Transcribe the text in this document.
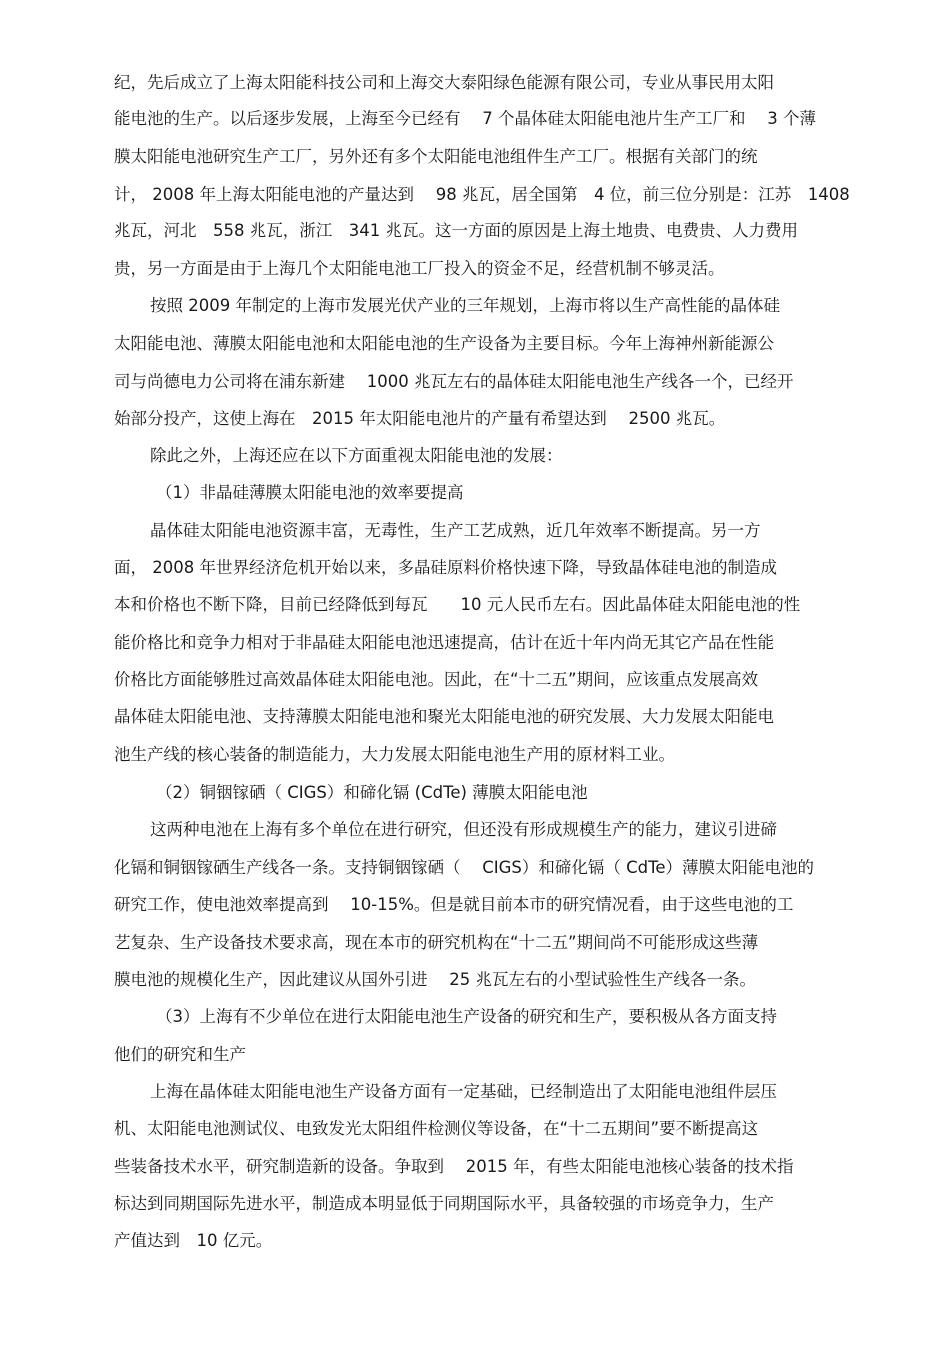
纪，先后成立了上海太阳能科技公司和上海交大泰阳绿色能源有限公司，专业从事民用太阳
能电池的生产。以后逐步发展，上海至今已经有　 7 个晶体硅太阳能电池片生产工厂和　 3 个薄
膜太阳能电池研究生产工厂，另外还有多个太阳能电池组件生产工厂。根据有关部门的统
计， 2008 年上海太阳能电池的产量达到　 98 兆瓦，居全国第　4 位，前三位分别是：江苏　1408
兆瓦，河北　558 兆瓦，浙江　341 兆瓦。这一方面的原因是上海土地贵、电费贵、人力费用
贵，另一方面是由于上海几个太阳能电池工厂投入的资金不足，经营机制不够灵活。
按照 2009 年制定的上海市发展光伏产业的三年规划，上海市将以生产高性能的晶体硅
太阳能电池、薄膜太阳能电池和太阳能电池的生产设备为主要目标。今年上海神州新能源公
司与尚德电力公司将在浦东新建　 1000 兆瓦左右的晶体硅太阳能电池生产线各一个，已经开
始部分投产，这使上海在　2015 年太阳能电池片的产量有希望达到　 2500 兆瓦。
除此之外，上海还应在以下方面重视太阳能电池的发展：
（1）非晶硅薄膜太阳能电池的效率要提高
晶体硅太阳能电池资源丰富，无毒性，生产工艺成熟，近几年效率不断提高。另一方
面， 2008 年世界经济危机开始以来，多晶硅原料价格快速下降，导致晶体硅电池的制造成
本和价格也不断下降，目前已经降低到每瓦　　10 元人民币左右。因此晶体硅太阳能电池的性
能价格比和竞争力相对于非晶硅太阳能电池迅速提高，估计在近十年内尚无其它产品在性能
价格比方面能够胜过高效晶体硅太阳能电池。因此，在“十二五”期间，应该重点发展高效
晶体硅太阳能电池、支持薄膜太阳能电池和聚光太阳能电池的研究发展、大力发展太阳能电
池生产线的核心装备的制造能力，大力发展太阳能电池生产用的原材料工业。
（2）铜铟镓硒（ CIGS）和碲化镉 (CdTe) 薄膜太阳能电池
这两种电池在上海有多个单位在进行研究，但还没有形成规模生产的能力，建议引进碲
化镉和铜铟镓硒生产线各一条。支持铜铟镓硒（　 CIGS）和碲化镉（ CdTe）薄膜太阳能电池的
研究工作，使电池效率提高到　 10-15%。但是就目前本市的研究情况看，由于这些电池的工
艺复杂、生产设备技术要求高，现在本市的研究机构在“十二五”期间尚不可能形成这些薄
膜电池的规模化生产，因此建议从国外引进　 25 兆瓦左右的小型试验性生产线各一条。
（3）上海有不少单位在进行太阳能电池生产设备的研究和生产，要积极从各方面支持
他们的研究和生产
上海在晶体硅太阳能电池生产设备方面有一定基础，已经制造出了太阳能电池组件层压
机、太阳能电池测试仪、电致发光太阳组件检测仪等设备，在“十二五期间”要不断提高这
些装备技术水平，研究制造新的设备。争取到　 2015 年，有些太阳能电池核心装备的技术指
标达到同期国际先进水平，制造成本明显低于同期国际水平，具备较强的市场竞争力，生产
产值达到　10 亿元。
